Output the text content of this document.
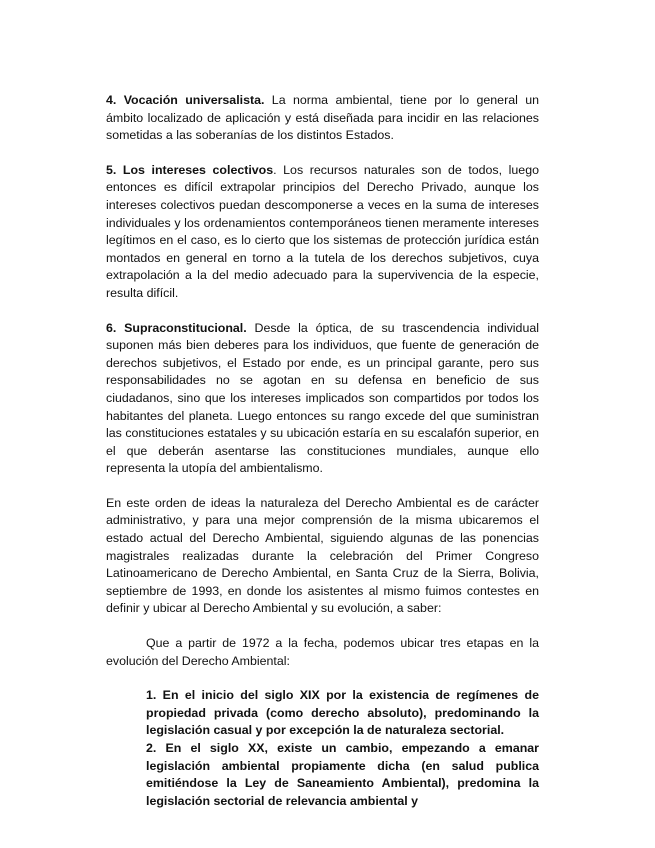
4. Vocación universalista. La norma ambiental, tiene por lo general un ámbito localizado de aplicación y está diseñada para incidir en las relaciones sometidas a las soberanías de los distintos Estados.

5. Los intereses colectivos. Los recursos naturales son de todos, luego entonces es difícil extrapolar principios del Derecho Privado, aunque los intereses colectivos puedan descomponerse a veces en la suma de intereses individuales y los ordenamientos contemporáneos tienen meramente intereses legítimos en el caso, es lo cierto que los sistemas de protección jurídica están montados en general en torno a la tutela de los derechos subjetivos, cuya extrapolación a la del medio adecuado para la supervivencia de la especie, resulta difícil.

6. Supraconstitucional. Desde la óptica, de su trascendencia individual suponen más bien deberes para los individuos, que fuente de generación de derechos subjetivos, el Estado por ende, es un principal garante, pero sus responsabilidades no se agotan en su defensa en beneficio de sus ciudadanos, sino que los intereses implicados son compartidos por todos los habitantes del planeta. Luego entonces su rango excede del que suministran las constituciones estatales y su ubicación estaría en su escalafón superior, en el que deberán asentarse las constituciones mundiales, aunque ello representa la utopía del ambientalismo.

En este orden de ideas la naturaleza del Derecho Ambiental es de carácter administrativo, y para una mejor comprensión de la misma ubicaremos el estado actual del Derecho Ambiental, siguiendo algunas de las ponencias magistrales realizadas durante la celebración del Primer Congreso Latinoamericano de Derecho Ambiental, en Santa Cruz de la Sierra, Bolivia, septiembre de 1993, en donde los asistentes al mismo fuimos contestes en definir y ubicar al Derecho Ambiental y su evolución, a saber:

Que a partir de 1972 a la fecha, podemos ubicar tres etapas en la evolución del Derecho Ambiental:

1. En el inicio del siglo XIX por la existencia de regímenes de propiedad privada (como derecho absoluto), predominando la legislación casual y por excepción la de naturaleza sectorial.
2. En el siglo XX, existe un cambio, empezando a emanar legislación ambiental propiamente dicha (en salud publica emitiéndose la Ley de Saneamiento Ambiental), predomina la legislación sectorial de relevancia ambiental y
